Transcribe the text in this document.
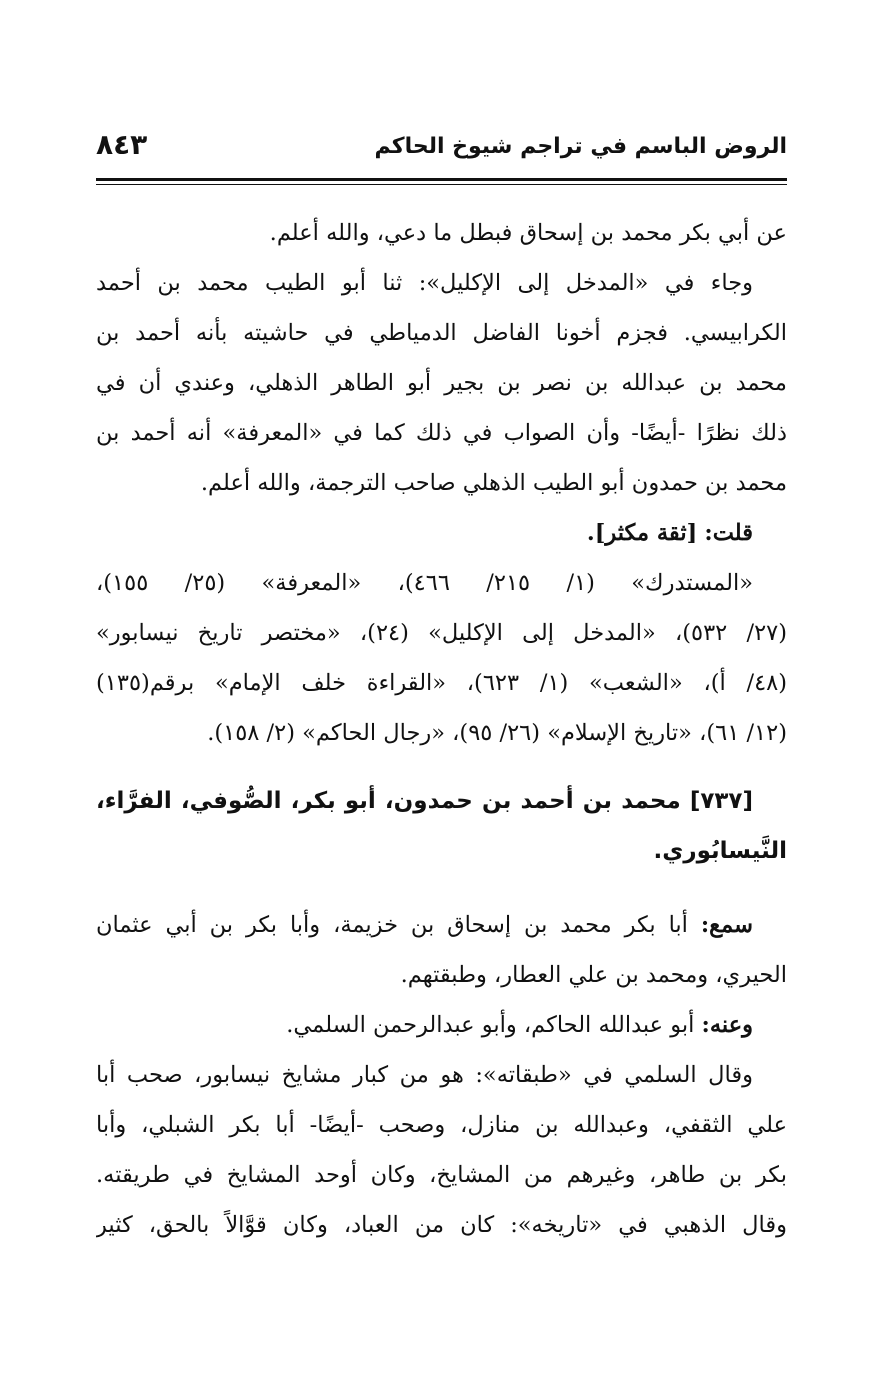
الروض الباسم في تراجم شيوخ الحاكم
٨٤٣
عن أبي بكر محمد بن إسحاق فبطل ما دعي، والله أعلم.
وجاء في «المدخل إلى الإكليل»: ثنا أبو الطيب محمد بن أحمد
الكرابيسي. فجزم أخونا الفاضل الدمياطي في حاشيته بأنه أحمد بن
محمد بن عبدالله بن نصر بن بجير أبو الطاهر الذهلي، وعندي أن في
ذلك نظرًا -أيضًا- وأن الصواب في ذلك كما في «المعرفة» أنه أحمد بن
محمد بن حمدون أبو الطيب الذهلي صاحب الترجمة، والله أعلم.
قلت: [ثقة مكثر].
«المستدرك» (١/ ٢١٥/ ٤٦٦)، «المعرفة» (٢٥/ ١٥٥)،
(٢٧/ ٥٣٢)، «المدخل إلى الإكليل» (٢٤)، «مختصر تاريخ نيسابور»
(٤٨/ أ)، «الشعب» (١/ ٦٢٣)، «القراءة خلف الإمام» برقم(١٣٥)
(١٢/ ٦١)، «تاريخ الإسلام» (٢٦/ ٩٥)، «رجال الحاكم» (٢/ ١٥٨).
[٧٣٧] محمد بن أحمد بن حمدون، أبو بكر، الصُّوفي، الفرَّاء،
النَّيسابُوري.
سمع: أبا بكر محمد بن إسحاق بن خزيمة، وأبا بكر بن أبي عثمان
الحيري، ومحمد بن علي العطار، وطبقتهم.
وعنه: أبو عبدالله الحاكم، وأبو عبدالرحمن السلمي.
وقال السلمي في «طبقاته»: هو من كبار مشايخ نيسابور، صحب أبا
علي الثقفي، وعبدالله بن منازل، وصحب -أيضًا- أبا بكر الشبلي، وأبا
بكر بن طاهر، وغيرهم من المشايخ، وكان أوحد المشايخ في طريقته.
وقال الذهبي في «تاريخه»: كان من العباد، وكان قوَّالاً بالحق، كثير
